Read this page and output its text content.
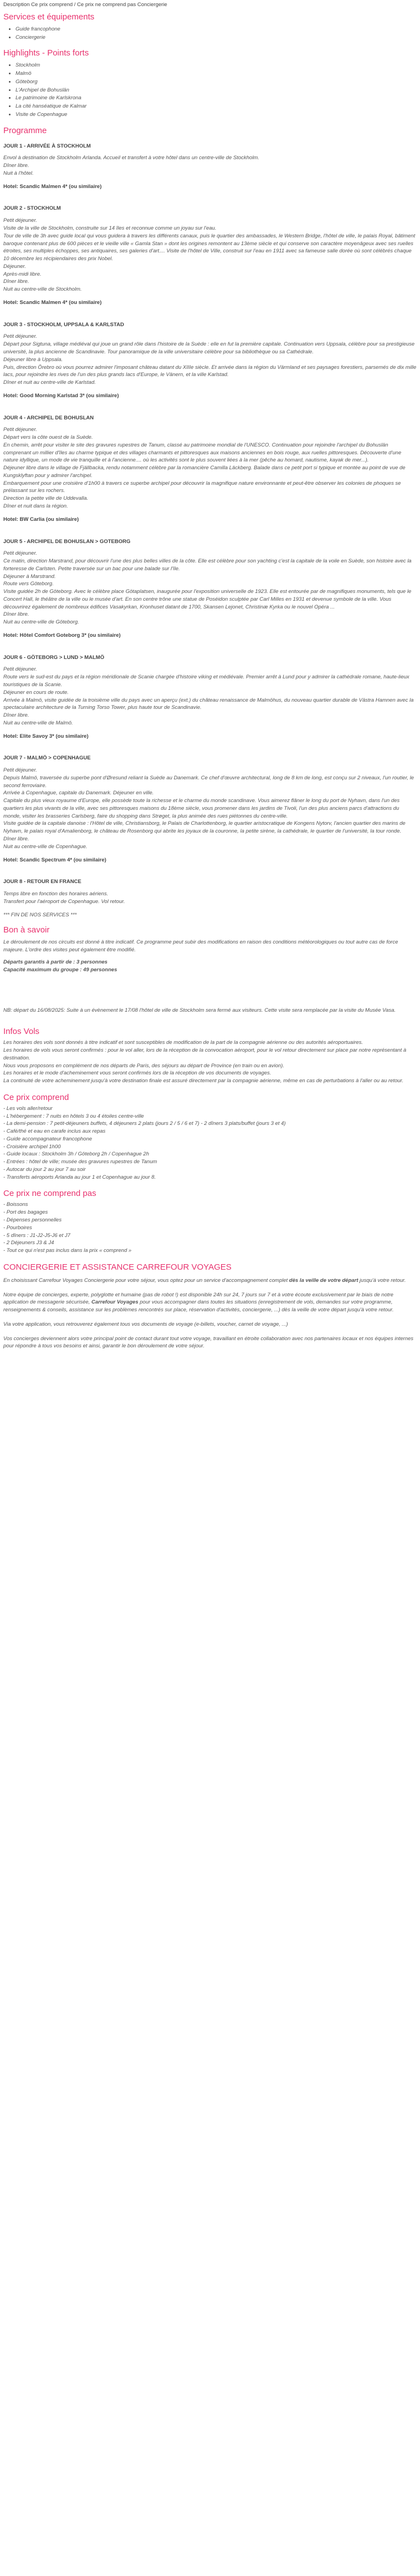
Description Ce prix comprend / Ce prix ne comprend pas Conciergerie

Services et équipements
• Guide francophone
• Conciergerie
Highlights - Points forts
• Stockholm
• Malmö
• Göteborg
• L'Archipel de Bohuslän
• Le patrimoine de Karlskrona
• La cité hanséatique de Kalmar
• Visite de Copenhague
Programme

JOUR 1 - ARRIVÉE À STOCKHOLM

Envol à destination de Stockholm Arlanda. Accueil et transfert à votre hôtel dans un centre-ville de Stockholm.

Dîner libre.

Nuit à l'hôtel.

Hotel: Scandic Malmen 4* (ou similaire)

JOUR 2 - STOCKHOLM

Petit déjeuner.

Visite de la ville de Stockholm, construite sur 14 îles et reconnue comme un joyau sur l'eau.

Tour de ville de 3h avec guide local qui vous guidera à travers les différents canaux, puis le quartier des ambassades, le Western Bridge, l'hôtel de ville, le palais Royal, bâtiment baroque contenant plus de 600 pièces et le vieille ville « Gamla Stan » dont les origines remontent au 13ème siècle et qui conserve son caractère moyenâgeux avec ses ruelles étroites, ses multiples échoppes, ses antiquaires, ses galeries d'art.... Visite de l'hôtel de Ville, construit sur l'eau en 1911 avec sa fameuse salle dorée où sont célébrés chaque 10 décembre les récipiendaires des prix Nobel.

Déjeuner.

Après-midi libre.

Dîner libre.

Nuit au centre-ville de Stockholm.

Hotel: Scandic Malmen 4* (ou similaire)

JOUR 3 - STOCKHOLM, UPPSALA & KARLSTAD

Petit déjeuner.

Départ pour Sigtuna, village médiéval qui joue un grand rôle dans l'histoire de la Suède : elle en fut la première capitale. Continuation vers Uppsala, célèbre pour sa prestigieuse université, la plus ancienne de Scandinavie. Tour panoramique de la ville universitaire célèbre pour sa bibliothèque ou sa Cathédrale.

Déjeuner libre à Uppsala.

Puis, direction Örebro où vous pourrez admirer l'imposant château datant du XIIIe siècle. Et arrivée dans la région du Värmland et ses paysages forestiers, parsemés de dix mille lacs, pour rejoindre les rives de l'un des plus grands lacs d'Europe, le Vänern, et la ville Karlstad.

Dîner et nuit au centre-ville de Karlstad.

Hotel: Good Morning Karlstad 3* (ou similaire)

JOUR 4 - ARCHIPEL DE BOHUSLAN

Petit déjeuner.

Départ vers la côte ouest de la Suède.

En chemin, arrêt pour visiter le site des gravures rupestres de Tanum, classé au patrimoine mondial de l'UNESCO. Continuation pour rejoindre l'archipel du Bohuslän comprenant un millier d'îles au charme typique et des villages charmants et pittoresques aux maisons anciennes en bois rouge, aux ruelles pittoresques. Découverte d'une nature idyllique, un mode de vie tranquille et à l'ancienne.... où les activités sont le plus souvent liées à la mer (pêche au homard, nautisme, kayak de mer...).

Déjeuner libre dans le village de Fjällbacka, rendu notamment célèbre par la romancière Camilla Läckberg. Balade dans ce petit port si typique et montée au point de vue de Kungsklyftan pour y admirer l'archipel.

Embarquement pour une croisière d'1h00 à travers ce superbe archipel pour découvrir la magnifique nature environnante et peut-être observer les colonies de phoques se prélassant sur les rochers.

Direction la petite ville de Uddevalla.

Dîner et nuit dans la région.

Hotel: BW Carlia (ou similaire)

JOUR 5 - ARCHIPEL DE BOHUSLAN > GOTEBORG

Petit déjeuner.

Ce matin, direction Marstrand, pour découvrir l'une des plus belles villes de la côte. Elle est célèbre pour son yachting c'est la capitale de la voile en Suède, son histoire avec la forteresse de Carlsten. Petite traversée sur un bac pour une balade sur l'île.

Déjeuner à Marstrand.

Route vers Göteborg.

Visite guidée 2h de Göteborg. Avec le célèbre place Götaplatsen, inaugurée pour l'exposition universelle de 1923. Elle est entourée par de magnifiques monuments, tels que le Concert Hall, le théâtre de la ville ou le musée d'art. En son centre trône une statue de Poséidon sculptée par Carl Milles en 1931 et devenue symbole de la ville. Vous découvrirez également de nombreux édifices Vasakyrkan, Kronhuset datant de 1700, Skansen Lejonet, Christinæ Kyrka ou le nouvel Opéra ...

Dîner libre.

Nuit au centre-ville de Göteborg.

Hotel: Hôtel Comfort Goteborg 3* (ou similaire)

JOUR 6 - GÖTEBORG > LUND > MALMÖ

Petit déjeuner.

Route vers le sud-est du pays et la région méridionale de Scanie chargée d'histoire viking et médiévale. Premier arrêt à Lund pour y admirer la cathédrale romane, haute-lieux touristiques de la Scanie.

Déjeuner en cours de route.

Arrivée à Malmö, visite guidée de la troisième ville du pays avec un aperçu (ext.) du château renaissance de Malmöhus, du nouveau quartier durable de Västra Hamnen avec la spectaculaire architecture de la Turning Torso Tower, plus haute tour de Scandinavie.

Dîner libre.

Nuit au centre-ville de Malmö.

Hotel: Elite Savoy 3* (ou similaire)

JOUR 7 - MALMÖ > COPENHAGUE

Petit déjeuner.

Depuis Malmö, traversée du superbe pont d'Øresund reliant la Suède au Danemark. Ce chef d'œuvre architectural, long de 8 km de long, est conçu sur 2 niveaux, l'un routier, le second ferroviaire.

Arrivée à Copenhague, capitale du Danemark. Déjeuner en ville.

Capitale du plus vieux royaume d'Europe, elle possède toute la richesse et le charme du monde scandinave. Vous aimerez flâner le long du port de Nyhavn, dans l'un des quartiers les plus vivants de la ville, avec ses pittoresques maisons du 18ème siècle, vous promener dans les jardins de Tivoli, l'un des plus anciens parcs d'attractions du monde, visiter les brasseries Carlsberg, faire du shopping dans Strøget, la plus animée des rues piétonnes du centre-ville.

Visite guidée de la capitale danoise : l'Hôtel de ville, Christiansborg, le Palais de Charlottenborg, le quartier aristocratique de Kongens Nytorv, l'ancien quartier des marins de Nyhavn, le palais royal d'Amalienborg, le château de Rosenborg qui abrite les joyaux de la couronne, la petite sirène, la cathédrale, le quartier de l'université, la tour ronde.

Dîner libre.

Nuit au centre-ville de Copenhague.

Hotel: Scandic Spectrum 4* (ou similaire)

JOUR 8 - RETOUR EN FRANCE

Temps libre en fonction des horaires aériens.

Transfert pour l'aéroport de Copenhague. Vol retour.

*** FIN DE NOS SERVICES ***

Bon à savoir

Le déroulement de nos circuits est donné à titre indicatif. Ce programme peut subir des modifications en raison des conditions météorologiques ou tout autre cas de force majeure. L'ordre des visites peut également être modifié.

Départs garantis à partir de : 3 personnes

Capacité maximum du groupe : 49 personnes

NB: départ du 16/08/2025: Suite à un évènement le 17/08 l'hôtel de ville de Stockholm sera fermé aux visiteurs. Cette visite sera remplacée par la visite du Musée Vasa.

Infos Vols

Les horaires des vols sont donnés à titre indicatif et sont susceptibles de modification de la part de la compagnie aérienne ou des autorités aéroportuaires.

Les horaires de vols vous seront confirmés : pour le vol aller, lors de la réception de la convocation aéroport, pour le vol retour directement sur place par notre représentant à destination.

Nous vous proposons en complément de nos départs de Paris, des séjours au départ de Province (en train ou en avion).

Les horaires et le mode d'acheminement vous seront confirmés lors de la réception de vos documents de voyages.

La continuité de votre acheminement jusqu'à votre destination finale est assuré directement par la compagnie aérienne, même en cas de perturbations à l'aller ou au retour.

Ce prix comprend

- Les vols aller/retour

- L'hébergement : 7 nuits en hôtels 3 ou 4 étoiles centre-ville

- La demi-pension : 7 petit-déjeuners buffets, 4 déjeuners 2 plats (jours 2 / 5 / 6 et 7) - 2 dîners 3 plats/buffet (jours 3 et 4)

- Café/thé et eau en carafe inclus aux repas

- Guide accompagnateur francophone

- Croisière archipel 1h00

- Guide locaux : Stockholm 3h / Göteborg 2h / Copenhague 2h

- Entrées : hôtel de ville; musée des gravures rupestres de Tanum

- Autocar du jour 2 au jour 7 au soir

- Transferts aéroports Arlanda au jour 1 et Copenhague au jour 8.

Ce prix ne comprend pas

- Boissons

- Port des bagages

- Dépenses personnelles

- Pourboires

- 5 dîners : J1-J2-J5-J6 et J7

- 2 Déjeuners J3 & J4

- Tout ce qui n'est pas inclus dans la prix « comprend »

CONCIERGERIE ET ASSISTANCE CARREFOUR VOYAGES

En choisissant Carrefour Voyages Conciergerie pour votre séjour, vous optez pour un service d'accompagnement complet dès la veille de votre départ jusqu'à votre retour.

Notre équipe de concierges, experte, polyglotte et humaine (pas de robot !) est disponible 24h sur 24, 7 jours sur 7 et à votre écoute exclusivement par le biais de notre application de messagerie sécurisée, Carrefour Voyages pour vous accompagner dans toutes les situations (enregistrement de vols, demandes sur votre programme, renseignements & conseils, assistance sur les problèmes rencontrés sur place, réservation d'activités, conciergerie, ...) dès la veille de votre départ jusqu'à votre retour.

Via votre application, vous retrouverez également tous vos documents de voyage (e-billets, voucher, carnet de voyage, ...)

Vos concierges deviennent alors votre principal point de contact durant tout votre voyage, travaillant en étroite collaboration avec nos partenaires locaux et nos équipes internes pour répondre à tous vos besoins et ainsi, garantir le bon déroulement de votre séjour.
